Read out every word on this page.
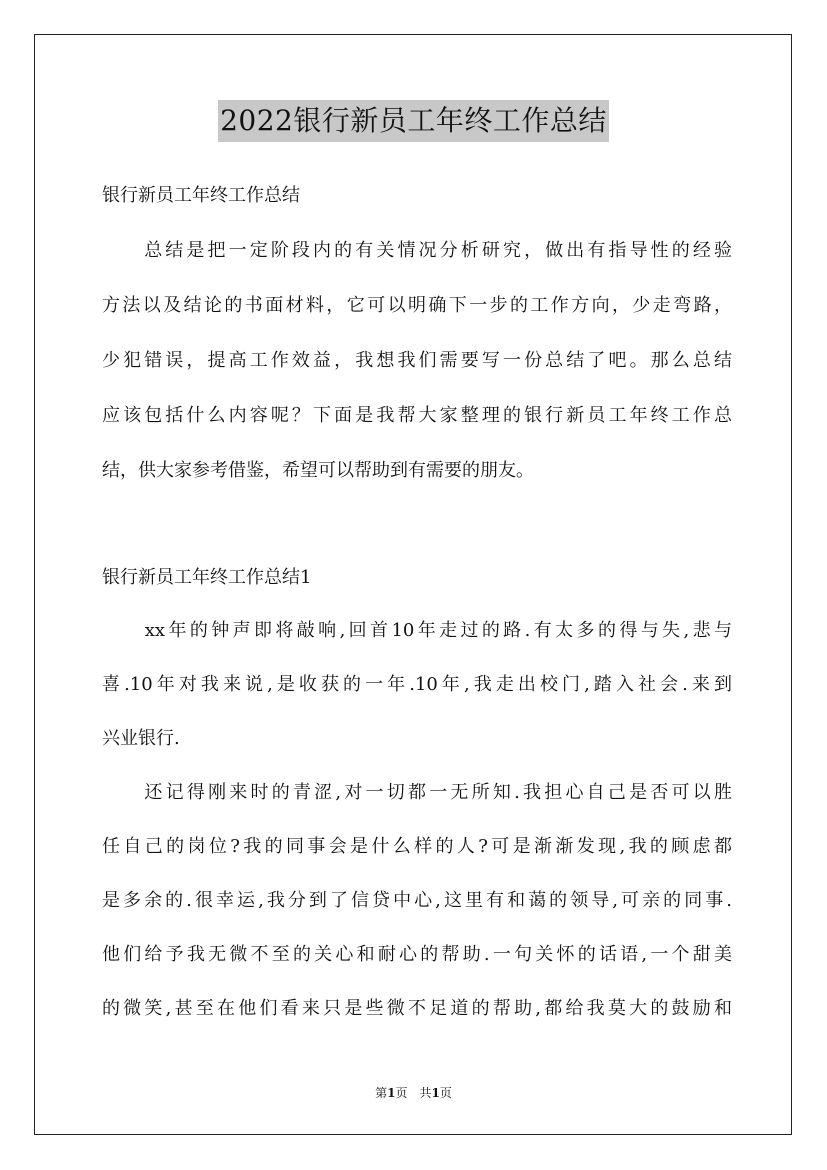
2022银行新员工年终工作总结
银行新员工年终工作总结
　　总结是把一定阶段内的有关情况分析研究，做出有指导性的经验
方法以及结论的书面材料，它可以明确下一步的工作方向，少走弯路，
少犯错误，提高工作效益，我想我们需要写一份总结了吧。那么总结
应该包括什么内容呢？下面是我帮大家整理的银行新员工年终工作总
结，供大家参考借鉴，希望可以帮助到有需要的朋友。
银行新员工年终工作总结1
　　xx年的钟声即将敲响,回首10年走过的路.有太多的得与失,悲与
喜.10年对我来说,是收获的一年.10年,我走出校门,踏入社会.来到
兴业银行.
　　还记得刚来时的青涩,对一切都一无所知.我担心自己是否可以胜
任自己的岗位?我的同事会是什么样的人?可是渐渐发现,我的顾虑都
是多余的.很幸运,我分到了信贷中心,这里有和蔼的领导,可亲的同事.
他们给予我无微不至的关心和耐心的帮助.一句关怀的话语,一个甜美
的微笑,甚至在他们看来只是些微不足道的帮助,都给我莫大的鼓励和
第1页　共1页
